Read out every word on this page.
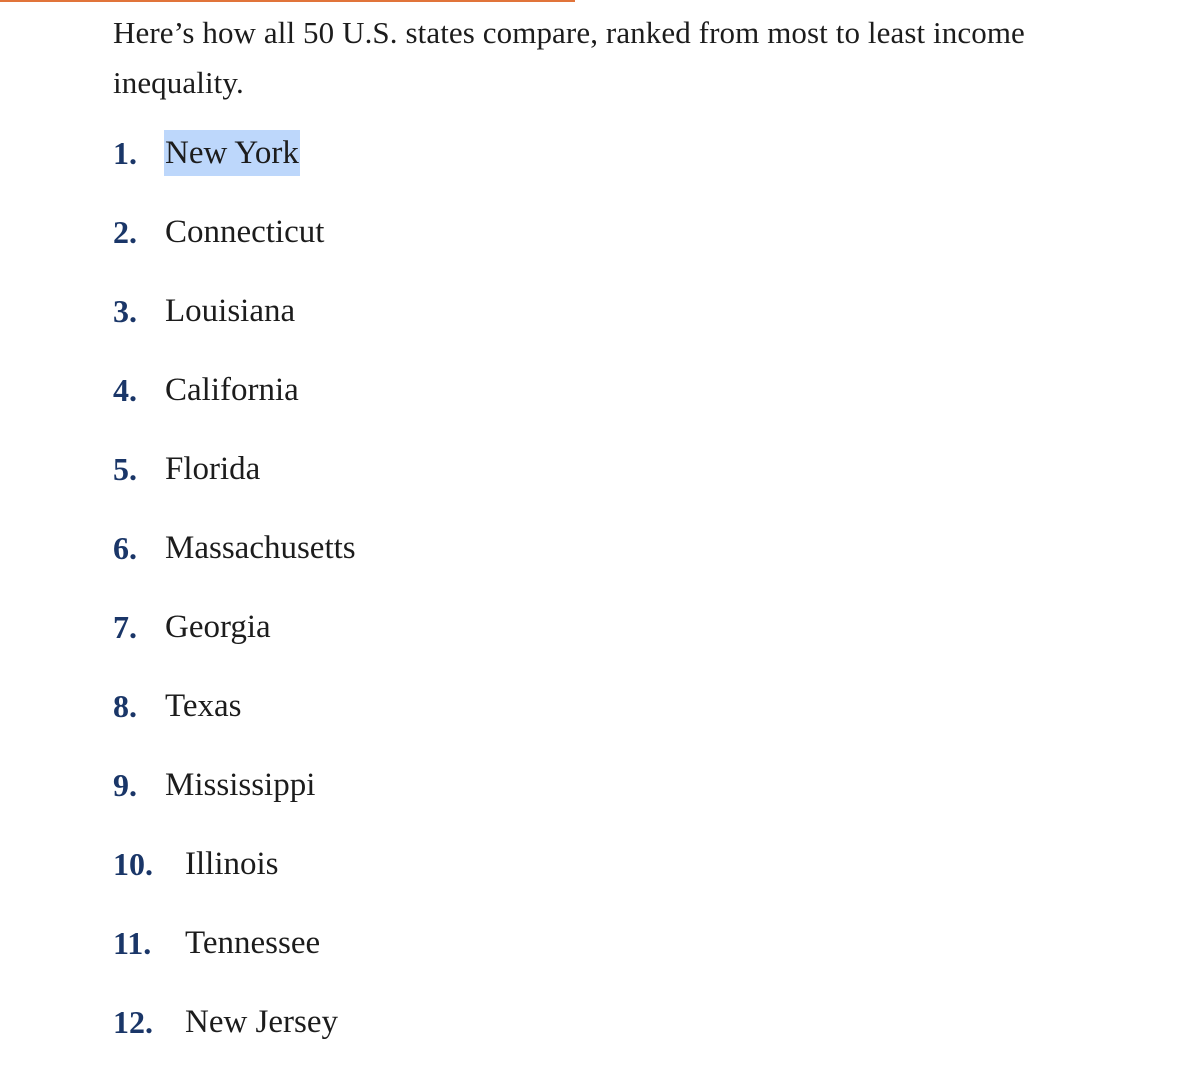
Here’s how all 50 U.S. states compare, ranked from most to least income inequality.

1. New York
2. Connecticut
3. Louisiana
4. California
5. Florida
6. Massachusetts
7. Georgia
8. Texas
9. Mississippi
10. Illinois
11.	Tennessee
12. New Jersey
